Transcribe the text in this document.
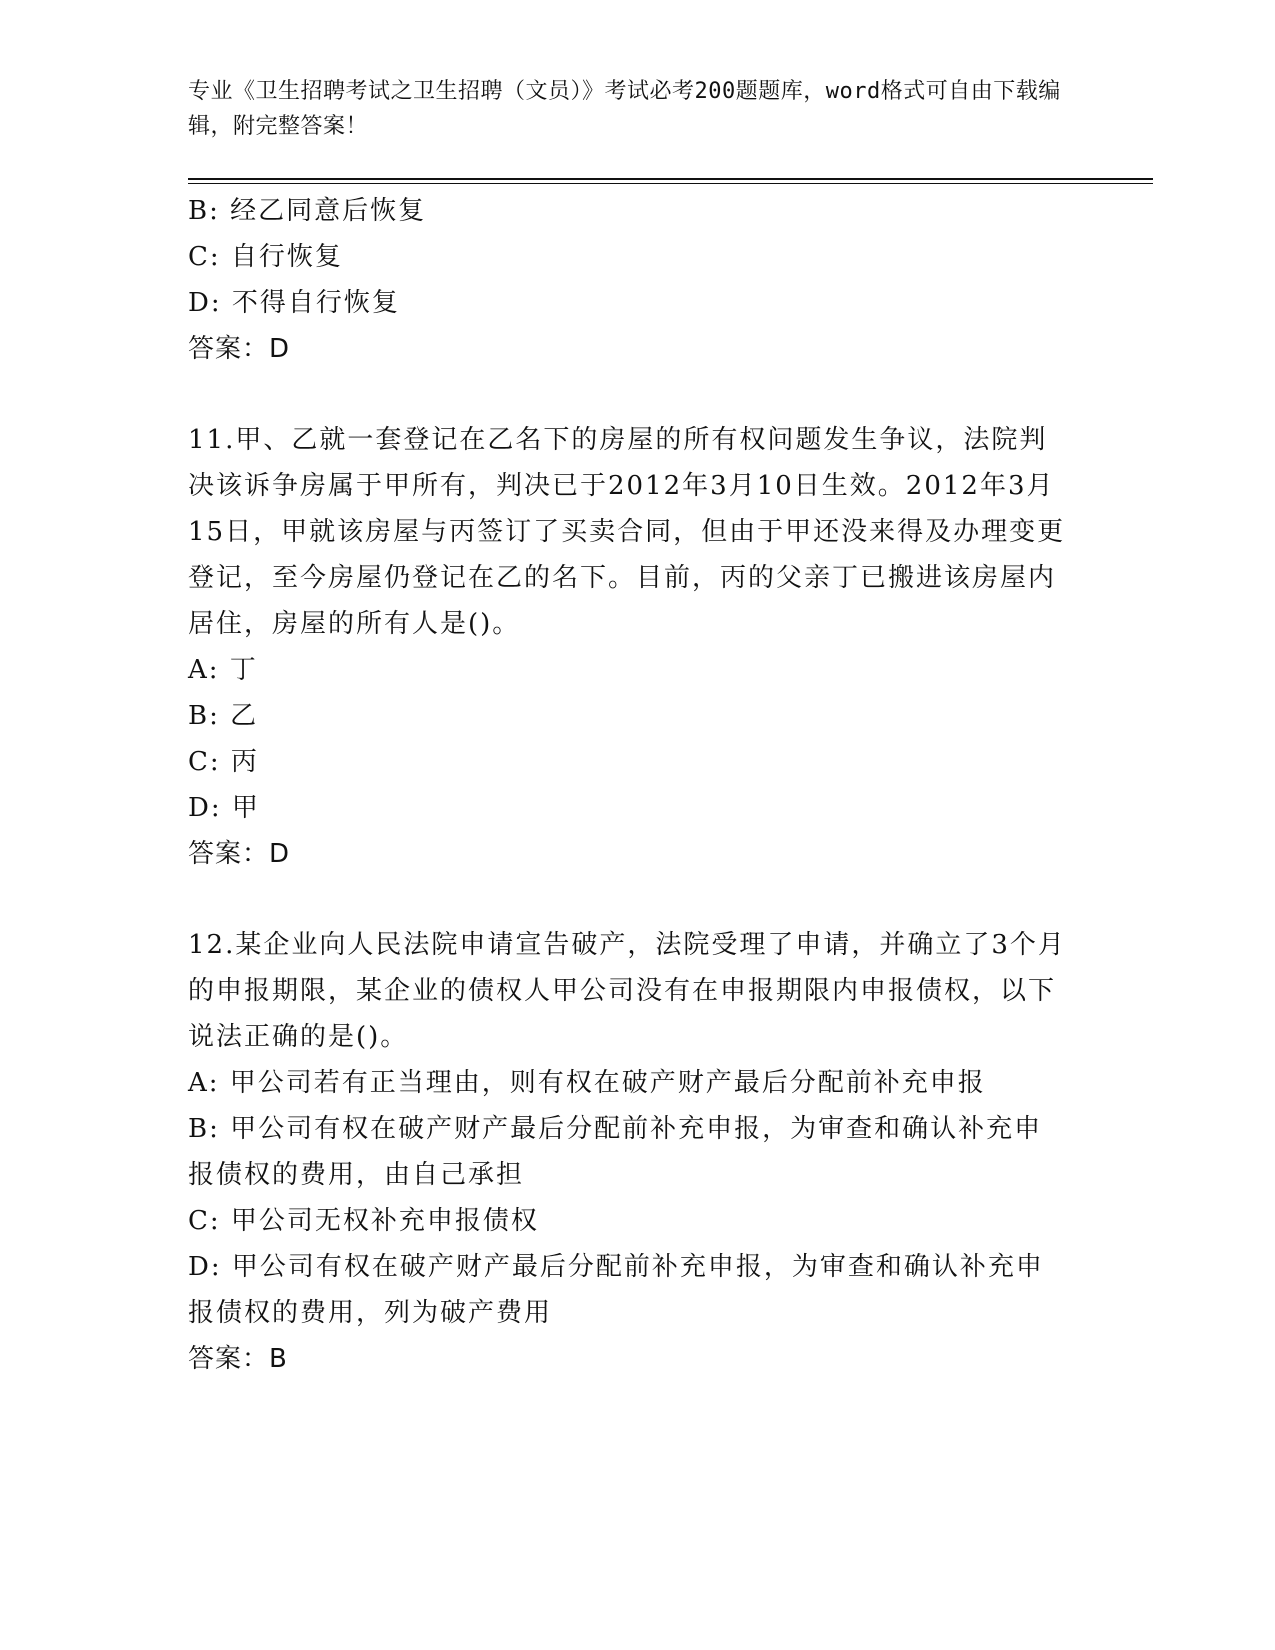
专业《卫生招聘考试之卫生招聘（文员）》考试必考200题题库，word格式可自由下载编辑，附完整答案！

B: 经乙同意后恢复

C: 自行恢复

D: 不得自行恢复

答案：D

11.甲、乙就一套登记在乙名下的房屋的所有权问题发生争议，法院判决该诉争房属于甲所有，判决已于2012年3月10日生效。2012年3月15日，甲就该房屋与丙签订了买卖合同，但由于甲还没来得及办理变更登记，至今房屋仍登记在乙的名下。目前，丙的父亲丁已搬进该房屋内居住，房屋的所有人是()。

A: 丁

B: 乙

C: 丙

D: 甲

答案：D

12.某企业向人民法院申请宣告破产，法院受理了申请，并确立了3个月的申报期限，某企业的债权人甲公司没有在申报期限内申报债权，以下说法正确的是()。

A: 甲公司若有正当理由，则有权在破产财产最后分配前补充申报

B: 甲公司有权在破产财产最后分配前补充申报，为审查和确认补充申报债权的费用，由自己承担

C: 甲公司无权补充申报债权

D: 甲公司有权在破产财产最后分配前补充申报，为审查和确认补充申报债权的费用，列为破产费用

答案：B
